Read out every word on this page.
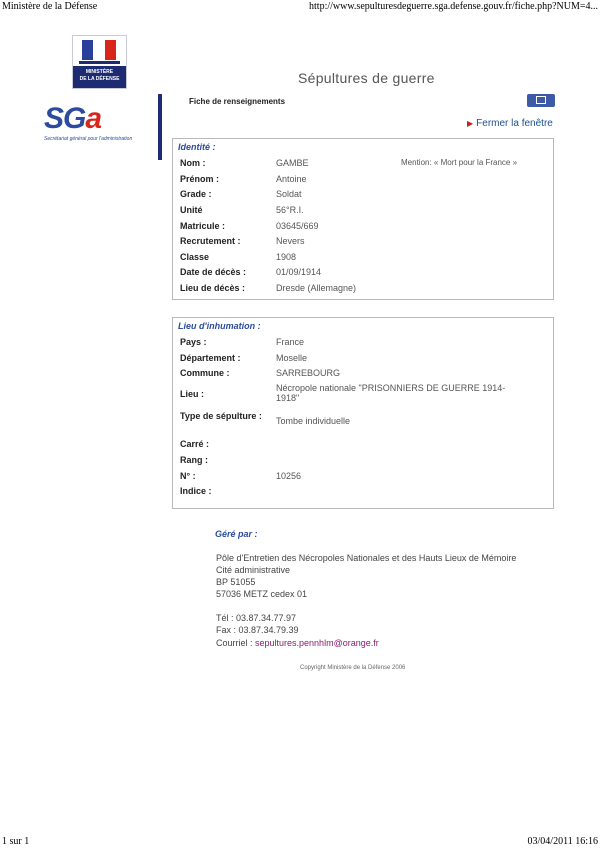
Ministère de la Défense	http://www.sepulturesdeguerre.sga.defense.gouv.fr/fiche.php?NUM=4...
MINISTÈRE
DE LA DÉFENSE
SGa
Secrétariat général pour l'administration
Sépultures de guerre
Fiche de renseignements
▶ Fermer la fenêtre
Identité :
Mention: « Mort pour la France »
Nom :	GAMBE
Prénom :	Antoine
Grade :	Soldat
Unité	56°R.I.
Matricule :	03645/669
Recrutement :	Nevers
Classe	1908
Date de décès :	01/09/1914
Lieu de décès :	Dresde (Allemagne)
Lieu d'inhumation :
Pays :	France
Département :	Moselle
Commune :	SARREBOURG
Lieu :
Nécropole nationale "PRISONNIERS DE GUERRE 1914-1918"
Type de sépulture :	Tombe individuelle
Carré :
Rang :
N° :	10256
Indice :
Géré par :
Pôle d'Entretien des Nécropoles Nationales et des Hauts Lieux de Mémoire
Cité administrative
BP 51055
57036 METZ cedex 01
Tél : 03.87.34.77.97
Fax : 03.87.34.79.39
Courriel : sepultures.pennhlm@orange.fr
Copyright Ministère de la Défense 2006
1 sur 1	03/04/2011 16:16
